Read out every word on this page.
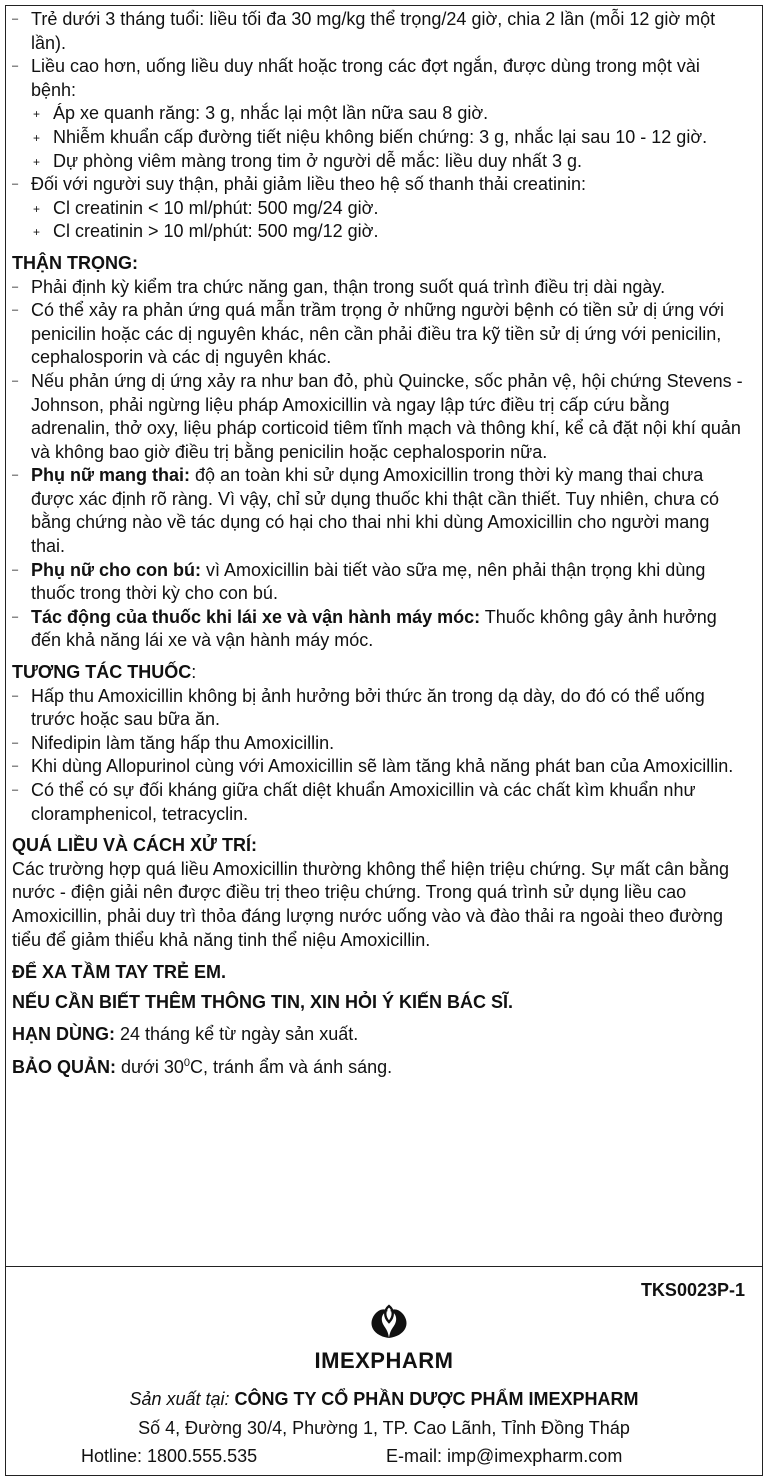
– Trẻ dưới 3 tháng tuổi: liều tối đa 30 mg/kg thể trọng/24 giờ, chia 2 lần (mỗi 12 giờ một lần).
– Liều cao hơn, uống liều duy nhất hoặc trong các đợt ngắn, được dùng trong một vài bệnh:
+ Áp xe quanh răng: 3 g, nhắc lại một lần nữa sau 8 giờ.
+ Nhiễm khuẩn cấp đường tiết niệu không biến chứng: 3 g, nhắc lại sau 10 - 12 giờ.
+ Dự phòng viêm màng trong tim ở người dễ mắc: liều duy nhất 3 g.
– Đối với người suy thận, phải giảm liều theo hệ số thanh thải creatinin:
+ Cl creatinin < 10 ml/phút: 500 mg/24 giờ.
+ Cl creatinin > 10 ml/phút: 500 mg/12 giờ.
THẬN TRỌNG:
– Phải định kỳ kiểm tra chức năng gan, thận trong suốt quá trình điều trị dài ngày.
– Có thể xảy ra phản ứng quá mẫn trầm trọng ở những người bệnh có tiền sử dị ứng với penicilin hoặc các dị nguyên khác, nên cần phải điều tra kỹ tiền sử dị ứng với penicilin, cephalosporin và các dị nguyên khác.
– Nếu phản ứng dị ứng xảy ra như ban đỏ, phù Quincke, sốc phản vệ, hội chứng Stevens - Johnson, phải ngừng liệu pháp Amoxicillin và ngay lập tức điều trị cấp cứu bằng adrenalin, thở oxy, liệu pháp corticoid tiêm tĩnh mạch và thông khí, kể cả đặt nội khí quản và không bao giờ điều trị bằng penicilin hoặc cephalosporin nữa.
– Phụ nữ mang thai: độ an toàn khi sử dụng Amoxicillin trong thời kỳ mang thai chưa được xác định rõ ràng. Vì vậy, chỉ sử dụng thuốc khi thật cần thiết. Tuy nhiên, chưa có bằng chứng nào về tác dụng có hại cho thai nhi khi dùng Amoxicillin cho người mang thai.
– Phụ nữ cho con bú: vì Amoxicillin bài tiết vào sữa mẹ, nên phải thận trọng khi dùng thuốc trong thời kỳ cho con bú.
– Tác động của thuốc khi lái xe và vận hành máy móc: Thuốc không gây ảnh hưởng đến khả năng lái xe và vận hành máy móc.
TƯƠNG TÁC THUỐC:
– Hấp thu Amoxicillin không bị ảnh hưởng bởi thức ăn trong dạ dày, do đó có thể uống trước hoặc sau bữa ăn.
– Nifedipin làm tăng hấp thu Amoxicillin.
– Khi dùng Allopurinol cùng với Amoxicillin sẽ làm tăng khả năng phát ban của Amoxicillin.
– Có thể có sự đối kháng giữa chất diệt khuẩn Amoxicillin và các chất kìm khuẩn như cloramphenicol, tetracyclin.
QUÁ LIỀU VÀ CÁCH XỬ TRÍ:
Các trường hợp quá liều Amoxicillin thường không thể hiện triệu chứng. Sự mất cân bằng nước - điện giải nên được điều trị theo triệu chứng. Trong quá trình sử dụng liều cao Amoxicillin, phải duy trì thỏa đáng lượng nước uống vào và đào thải ra ngoài theo đường tiểu để giảm thiểu khả năng tinh thể niệu Amoxicillin.
ĐỂ XA TẦM TAY TRẺ EM.
NẾU CẦN BIẾT THÊM THÔNG TIN, XIN HỎI Ý KIẾN BÁC SĨ.
HẠN DÙNG: 24 tháng kể từ ngày sản xuất.
BẢO QUẢN: dưới $30^0C$, tránh ẩm và ánh sáng.
TKS0023P-1
IMEXPHARM
Sản xuất tại: CÔNG TY CỔ PHẦN DƯỢC PHẨM IMEXPHARM
Số 4, Đường 30/4, Phường 1, TP. Cao Lãnh, Tỉnh Đồng Tháp
Hotline: 1800.555.535	E-mail: imp@imexpharm.com
